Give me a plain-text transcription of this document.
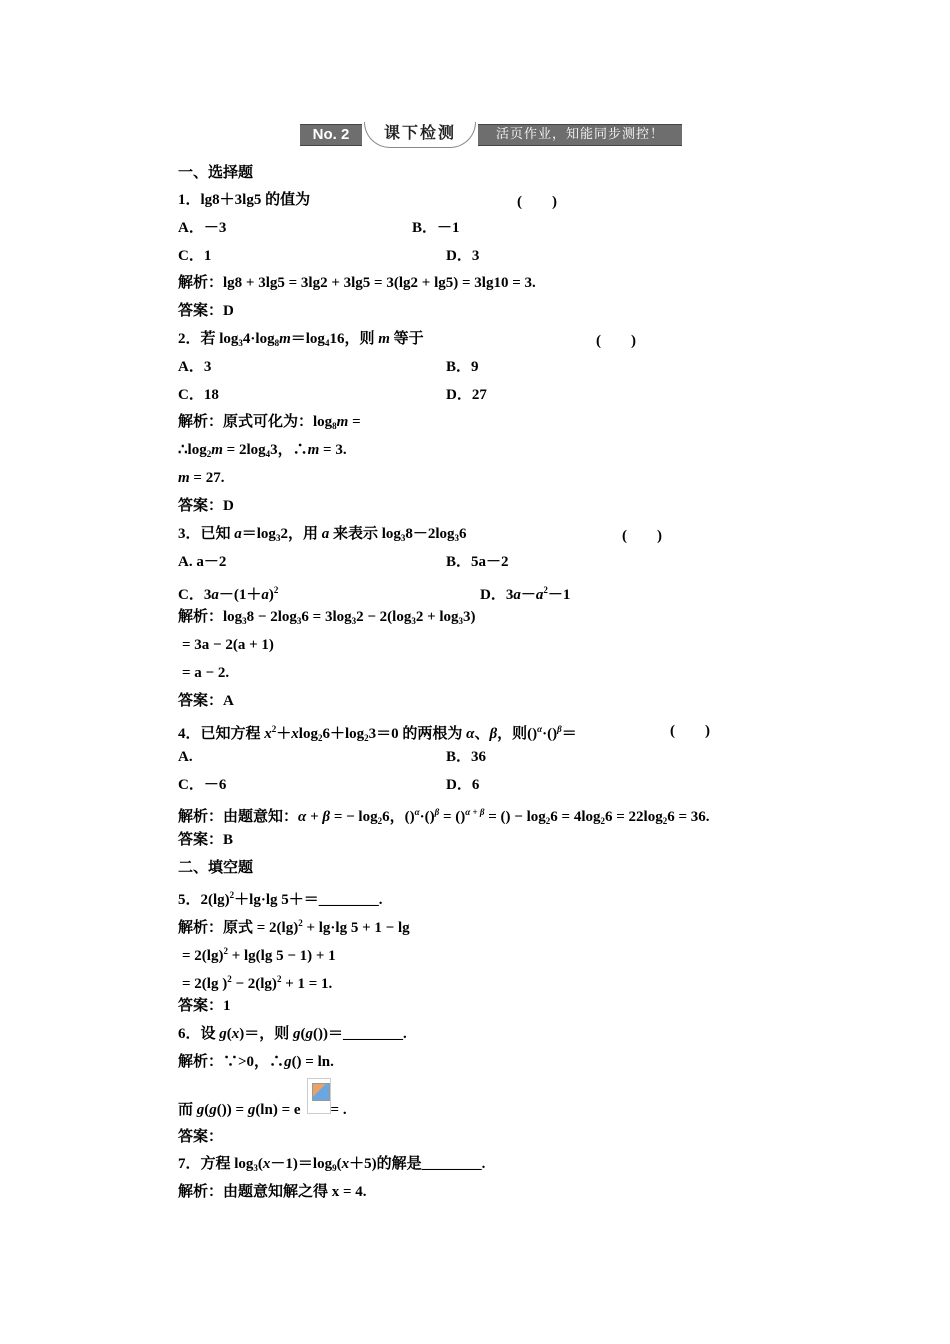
No. 2	课下检测	活页作业，知能同步测控！
一、选择题
1．lg8＋3lg5 的值为	(　　)
A．－3	B．－1
C．1	D．3
解析：lg8 + 3lg5 = 3lg2 + 3lg5 = 3(lg2 + lg5) = 3lg10 = 3.
答案：D
2．若 $\log_34\cdot\log_8m=\log_416$，则 m 等于	(　　)
A．3	B．9
C．18	D．27
解析：原式可化为：$\log_8m$ =
$\therefore\log_2m = 2\log_43$，∴m = 3.
m = 27.
答案：D
3．已知 $a=\log_32$，用 a 来表示 $\log_38-2\log_36$	(　　)
A. a－2	B．5a－2
C．$3a-(1+a)^2$	D．$3a-a^2-1$
解析：$\log_38 - 2\log_36 = 3\log_32 - 2(\log_32 + \log_33)$
= 3a − 2(a + 1)
= a − 2.
答案：A
4．已知方程 $x^2+xlog_26+\log_23=0$ 的两根为 α、β，则()$^\alpha$·()$^\beta$＝	(　　)
A.	B．36
C．－6	D．6
解析：由题意知：α + β = − $\log_26$，()$^\alpha$·()$^\beta$ = ()$^{\alpha + \beta}$ = () − $\log_26 = 4\log_26 = 22\log_26 = 36$.
答案：B
二、填空题
5．$2(\lg)^2+\lg\cdot\lg$ 5＋＝________.
解析：原式 = $2(\lg)^2 + \lg\cdot\lg$ 5 + 1 − lg
= $2(\lg)^2 + \lg(\lg$ 5 − 1) + 1
= 2(lg )$^2 - 2(\lg)^2 + 1 = 1$.
答案：1
6．设 g(x)＝，则 g(g())＝________.
解析：∵>0，∴g() = ln.
而 g(g()) = g(ln) = e = .
答案：
7．方程 $\log_3(x-1)=\log_9(x+5)$的解是________.
解析：由题意知解之得 x = 4.
